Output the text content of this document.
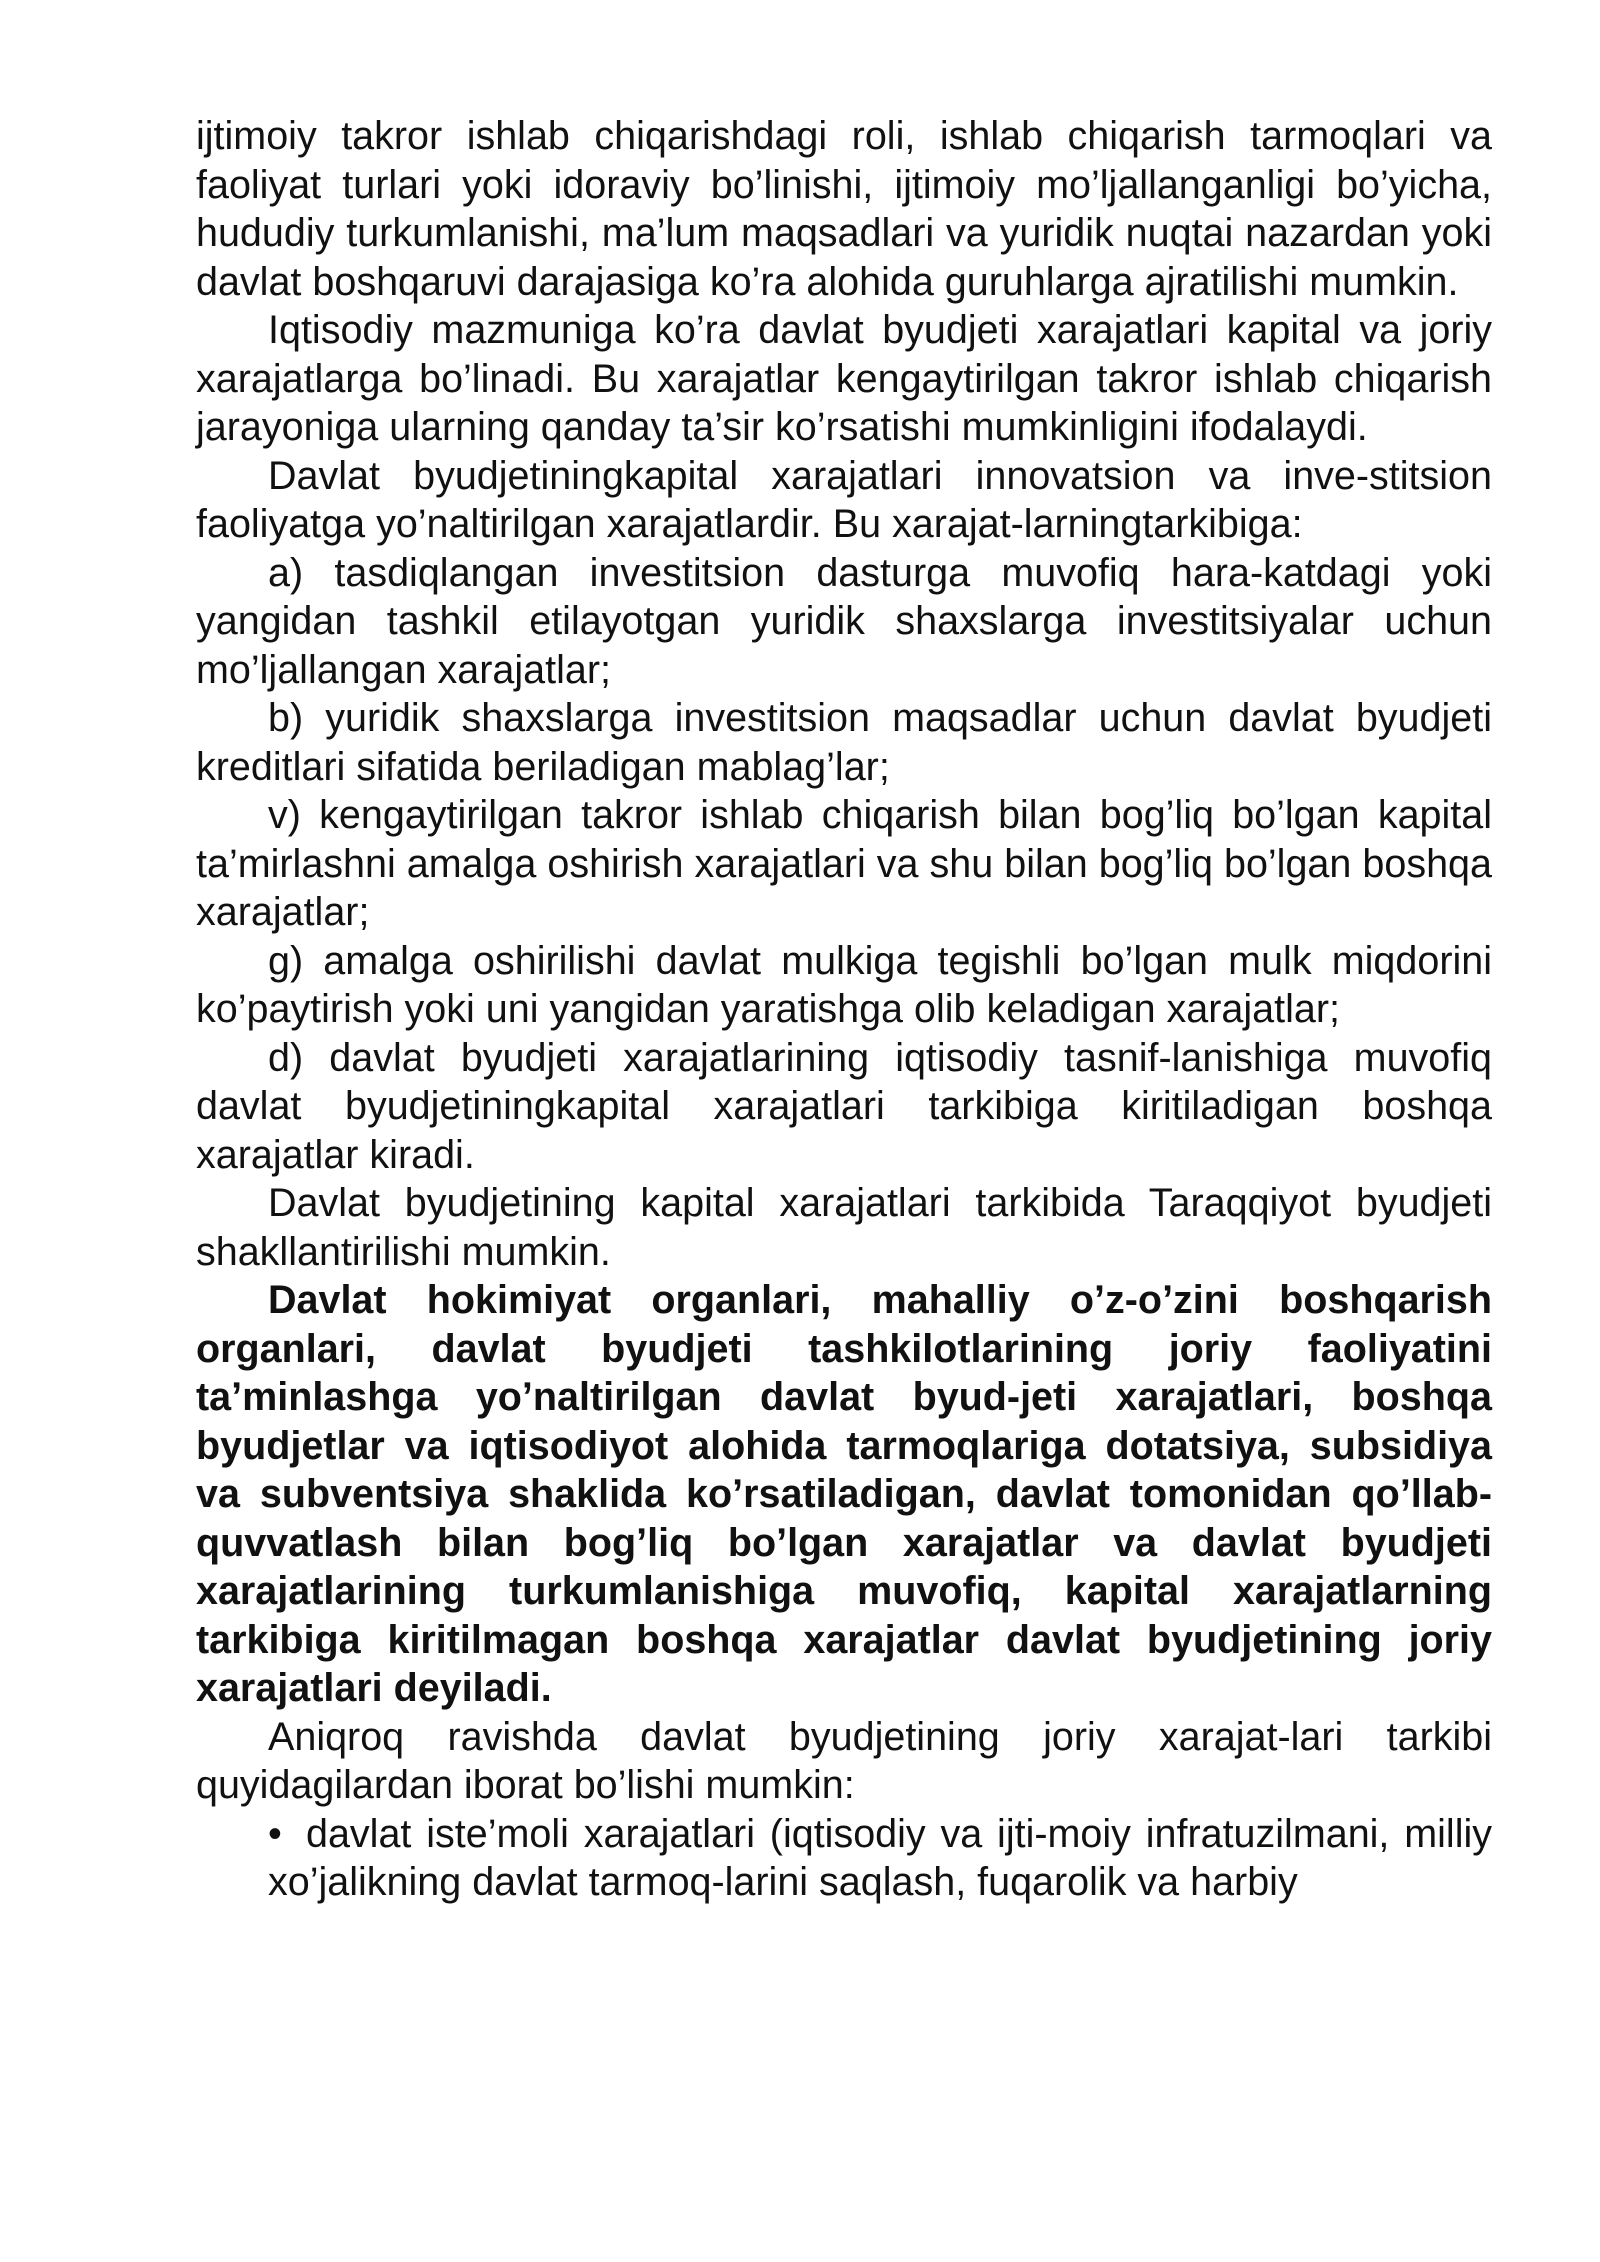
ijtimoiy takror ishlab chiqarishdagi roli, ishlab chiqarish tarmoqlari va faoliyat turlari yoki idoraviy bo’linishi, ijtimoiy mo’ljallanganligi bo’yicha, hududiy turkumlanishi, ma’lum maqsadlari va yuridik nuqtai nazardan yoki davlat boshqaruvi darajasiga ko’ra alohida guruhlarga ajratilishi mumkin.

Iqtisodiy mazmuniga ko’ra davlat byudjeti xarajatlari kapital va joriy xarajatlarga bo’linadi. Bu xarajatlar kengaytirilgan takror ishlab chiqarish jarayoniga ularning qanday ta’sir ko’rsatishi mumkinligini ifodalaydi.

Davlat byudjetiningkapital xarajatlari innovatsion va inve-stitsion faoliyatga yo’naltirilgan xarajatlardir. Bu xarajat-larningtarkibiga:

a) tasdiqlangan investitsion dasturga muvofiq hara-katdagi yoki yangidan tashkil etilayotgan yuridik shaxslarga investitsiyalar uchun mo’ljallangan xarajatlar;

b) yuridik shaxslarga investitsion maqsadlar uchun davlat byudjeti kreditlari sifatida beriladigan mablag’lar;

v) kengaytirilgan takror ishlab chiqarish bilan bog’liq bo’lgan kapital ta’mirlashni amalga oshirish xarajatlari va shu bilan bog’liq bo’lgan boshqa xarajatlar;

g) amalga oshirilishi davlat mulkiga tegishli bo’lgan mulk miqdorini ko’paytirish yoki uni yangidan yaratishga olib keladigan xarajatlar;

d) davlat byudjeti xarajatlarining iqtisodiy tasnif-lanishiga muvofiq davlat byudjetiningkapital xarajatlari tarkibiga kiritiladigan boshqa xarajatlar kiradi.

Davlat byudjetining kapital xarajatlari tarkibida Taraqqiyot byudjeti shakllantirilishi mumkin.

Davlat hokimiyat organlari, mahalliy o’z-o’zini boshqarish organlari, davlat byudjeti tashkilotlarining joriy faoliyatini ta’minlashga yo’naltirilgan davlat byud-jeti xarajatlari, boshqa byudjetlar va iqtisodiyot alohida tarmoqlariga dotatsiya, subsidiya va subventsiya shaklida ko’rsatiladigan, davlat tomonidan qo’llab-quvvatlash bilan bog’liq bo’lgan xarajatlar va davlat byudjeti xarajatlarining turkumlanishiga muvofiq, kapital xarajatlarning tarkibiga kiritilmagan boshqa xarajatlar davlat byudjetining joriy xarajatlari deyiladi.

Aniqroq ravishda davlat byudjetining joriy xarajat-lari tarkibi quyidagilardan iborat bo’lishi mumkin:

• davlat iste’moli xarajatlari (iqtisodiy va ijti-moiy infratuzilmani, milliy xo’jalikning davlat tarmoq-larini saqlash, fuqarolik va harbiy
